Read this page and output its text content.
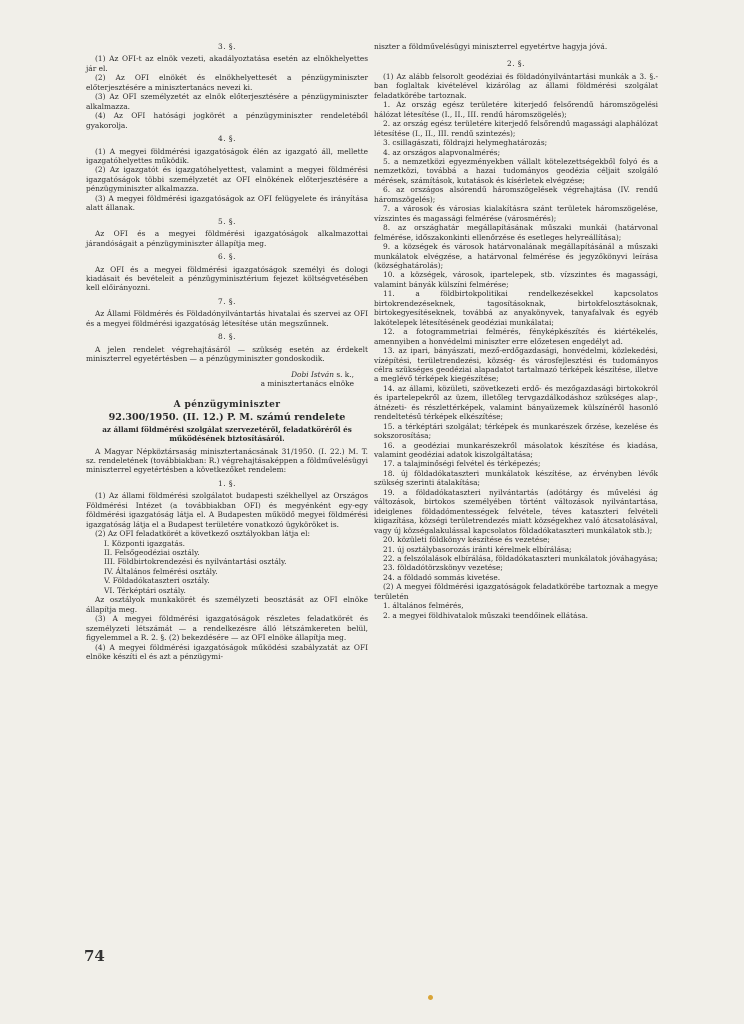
3. §.

(1) Az OFI-t az elnök vezeti, akadályoztatása esetén az elnökhelyettes jár el.

(2) Az OFI elnökét és elnökhelyettesét a pénzügyminiszter előterjesztésére a minisztertanács nevezi ki.

(3) Az OFI személyzetét az elnök előterjesztésére a pénzügyminiszter alkalmazza.

(4) Az OFI hatósági jogkörét a pénzügyminiszter rendeletéből gyakorolja.

4. §.

(1) A megyei földmérési igazgatóságok élén az igazgató áll, mellette igazgatóhelyettes működik.

(2) Az igazgatót és igazgatóhelyettest, valamint a megyei földmérési igazgatóságok többi személyzetét az OFI elnökének előterjesztésére a pénzügyminiszter alkalmazza.

(3) A megyei földmérési igazgatóságok az OFI felügyelete és irányítása alatt állanak.

5. §.

Az OFI és a megyei földmérési igazgatóságok alkalmazottai járandóságait a pénzügyminiszter állapítja meg.

6. §.

Az OFI és a megyei földmérési igazgatóságok személyi és dologi kiadásait és bevételeit a pénzügyminisztérium fejezet költségvetésében kell előirányozni.

7. §.

Az Állami Földmérés és Földadónyilvántartás hivatalai és szervei az OFI és a megyei földmérési igazgatóság létesítése után megszűnnek.

8. §.

A jelen rendelet végrehajtásáról — szükség esetén az érdekelt miniszterrel egyetértésben — a pénzügyminiszter gondoskodik.

Dobi István s. k.,

a minisztertanács elnöke

A pénzügyminiszter
92.300/1950. (II. 12.) P. M. számú rendelete
az állami földmérési szolgálat szervezetéről, feladatköréről és működésének biztosításáról.

A Magyar Népköztársaság minisztertanácsának 31/1950. (I. 22.) M. T. sz. rendeletének (továbbiakban: R.) végrehajtásaképpen a földművelésügyi miniszterrel egyetértésben a következőket rendelem:

1. §.

(1) Az állami földmérési szolgálatot budapesti székhellyel az Országos Földmérési Intézet (a továbbiakban OFI) és megyénként egy-egy földmérési igazgatóság látja el. A Budapesten működő megyei földmérési igazgatóság látja el a Budapest területére vonatkozó ügyköröket is.

(2) Az OFI feladatkörét a következő osztályokban látja el:

I. Központi igazgatás.

II. Felsőgeodéziai osztály.

III. Földbirtokrendezési és nyilvántartási osztály.

IV. Általános felmérési osztály.

V. Földadókataszteri osztály.

VI. Térképtári osztály.

Az osztályok munkakörét és személyzeti beosztását az OFI elnöke állapítja meg.

(3) A megyei földmérési igazgatóságok részletes feladatkörét és személyzeti létszámát — a rendelkezésre álló létszámkereten belül, figyelemmel a R. 2. §. (2) bekezdésére — az OFI elnöke állapítja meg.

(4) A megyei földmérési igazgatóságok működési szabályzatát az OFI elnöke készíti el és azt a pénzügymi-

niszter a földművelésügyi miniszterrel egyetértve hagyja jóvá.

2. §.

(1) Az alább felsorolt geodéziai és földadónyilvántartási munkák a 3. §.-ban foglaltak kivételével kizárólag az állami földmérési szolgálat feladatkörébe tartoznak.

1. Az ország egész területére kiterjedő felsőrendű háromszögelési hálózat létesítése (I., II., III. rendű háromszögelés);

2. az ország egész területére kiterjedő felsőrendű magassági alaphálózat létesítése (I., II., III. rendű szintezés);

3. csillagászati, földrajzi helymeghatározás;

4. az országos alapvonalmérés;

5. a nemzetközi egyezményekben vállalt kötelezettségekből folyó és a nemzetközi, továbbá a hazai tudományos geodézia céljait szolgáló mérések, számítások, kutatások és kísérletek elvégzése;

6. az országos alsórendű háromszögelések végrehajtása (IV. rendű háromszögelés);

7. a városok és városias kialakításra szánt területek háromszögelése, vízszintes és magassági felmérése (városmérés);

8. az országhatár megállapításának műszaki munkái (határvonal felmérése, időszakonkinti ellenőrzése és esetleges helyreállítása);

9. a községek és városok határvonalának megállapításánál a műszaki munkálatok elvégzése, a határvonal felmérése és jegyzőkönyvi leírása (községhatárolás);

10. a községek, városok, ipartelepek, stb. vízszintes és magassági, valamint bányák külszíni felmérése;

11. a földbirtokpolitikai rendelkezésekkel kapcsolatos birtokrendezéseknek, tagosításoknak, birtokfelosztásoknak, birtokegyesítéseknek, továbbá az anyakönyvek, tanyafalvak és egyéb lakótelepek létesítésének geodéziai munkálatai;

12. a fotogrammetriai felmérés, fényképkészítés és kiértékelés, amennyiben a honvédelmi miniszter erre előzetesen engedélyt ad.

13. az ipari, bányászati, mező-erdőgazdasági, honvédelmi, közlekedési, vízépítési, területrendezési, község- és városfejlesztési és tudományos célra szükséges geodéziai alapadatot tartalmazó térképek készítése, illetve a meglévő térképek kiegészítése;

14. az állami, közületi, szövetkezeti erdő- és mezőgazdasági birtokokról és ipartelepekről az üzem, illetőleg tervgazdálkodáshoz szükséges alap-, átnézeti- és részlettérképek, valamint bányaüzemek külszínéről hasonló rendeltetésű térképek elkészítése;

15. a térképtári szolgálat; térképek és munkarészek őrzése, kezelése és sokszorosítása;

16. a geodéziai munkarészekről másolatok készítése és kiadása, valamint geodéziai adatok kiszolgáltatása;

17. a talajminőségi felvétel és térképezés;

18. új földadókataszteri munkálatok készítése, az érvényben lévők szükség szerinti átalakítása;

19. a földadókataszteri nyilvántartás (adótárgy és művelési ág változások, birtokos személyében történt változások nyilvántartása, ideiglenes földadómentességek felvétele, téves kataszteri felvételi kiigazítása, községi területrendezés miatt községekhez való átcsatolásával, vagy új községalakulással kapcsolatos földadókataszteri munkálatok stb.);

20. közületi földkönyv készítése és vezetése;

21. új osztálybasorozás iránti kérelmek elbírálása;

22. a felszólalások elbírálása, földadókataszteri munkálatok jóváhagyása;

23. földadótörzskönyv vezetése;

24. a földadó sommás kivetése.

(2) A megyei földmérési igazgatóságok feladatkörébe tartoznak a megye területén

1. általános felmérés,

2. a megyei földhivatalok műszaki teendőinek ellátása.

74
